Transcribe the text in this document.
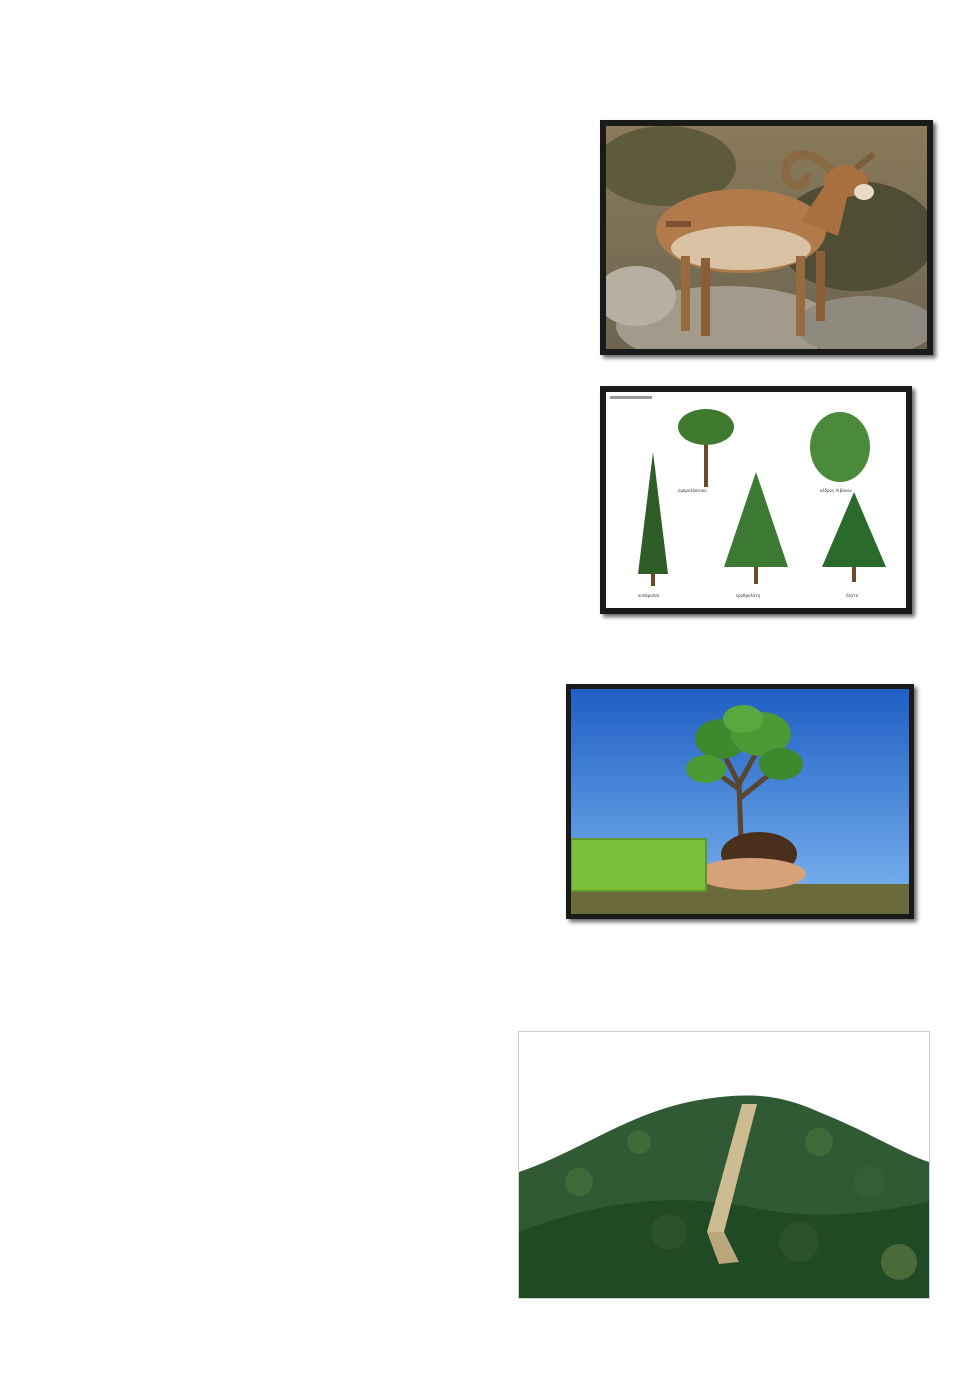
ομπρελόπευκο	κέδρος Λιβάνου
κυπάρισσο	ερυθρελάτη	έλατο
